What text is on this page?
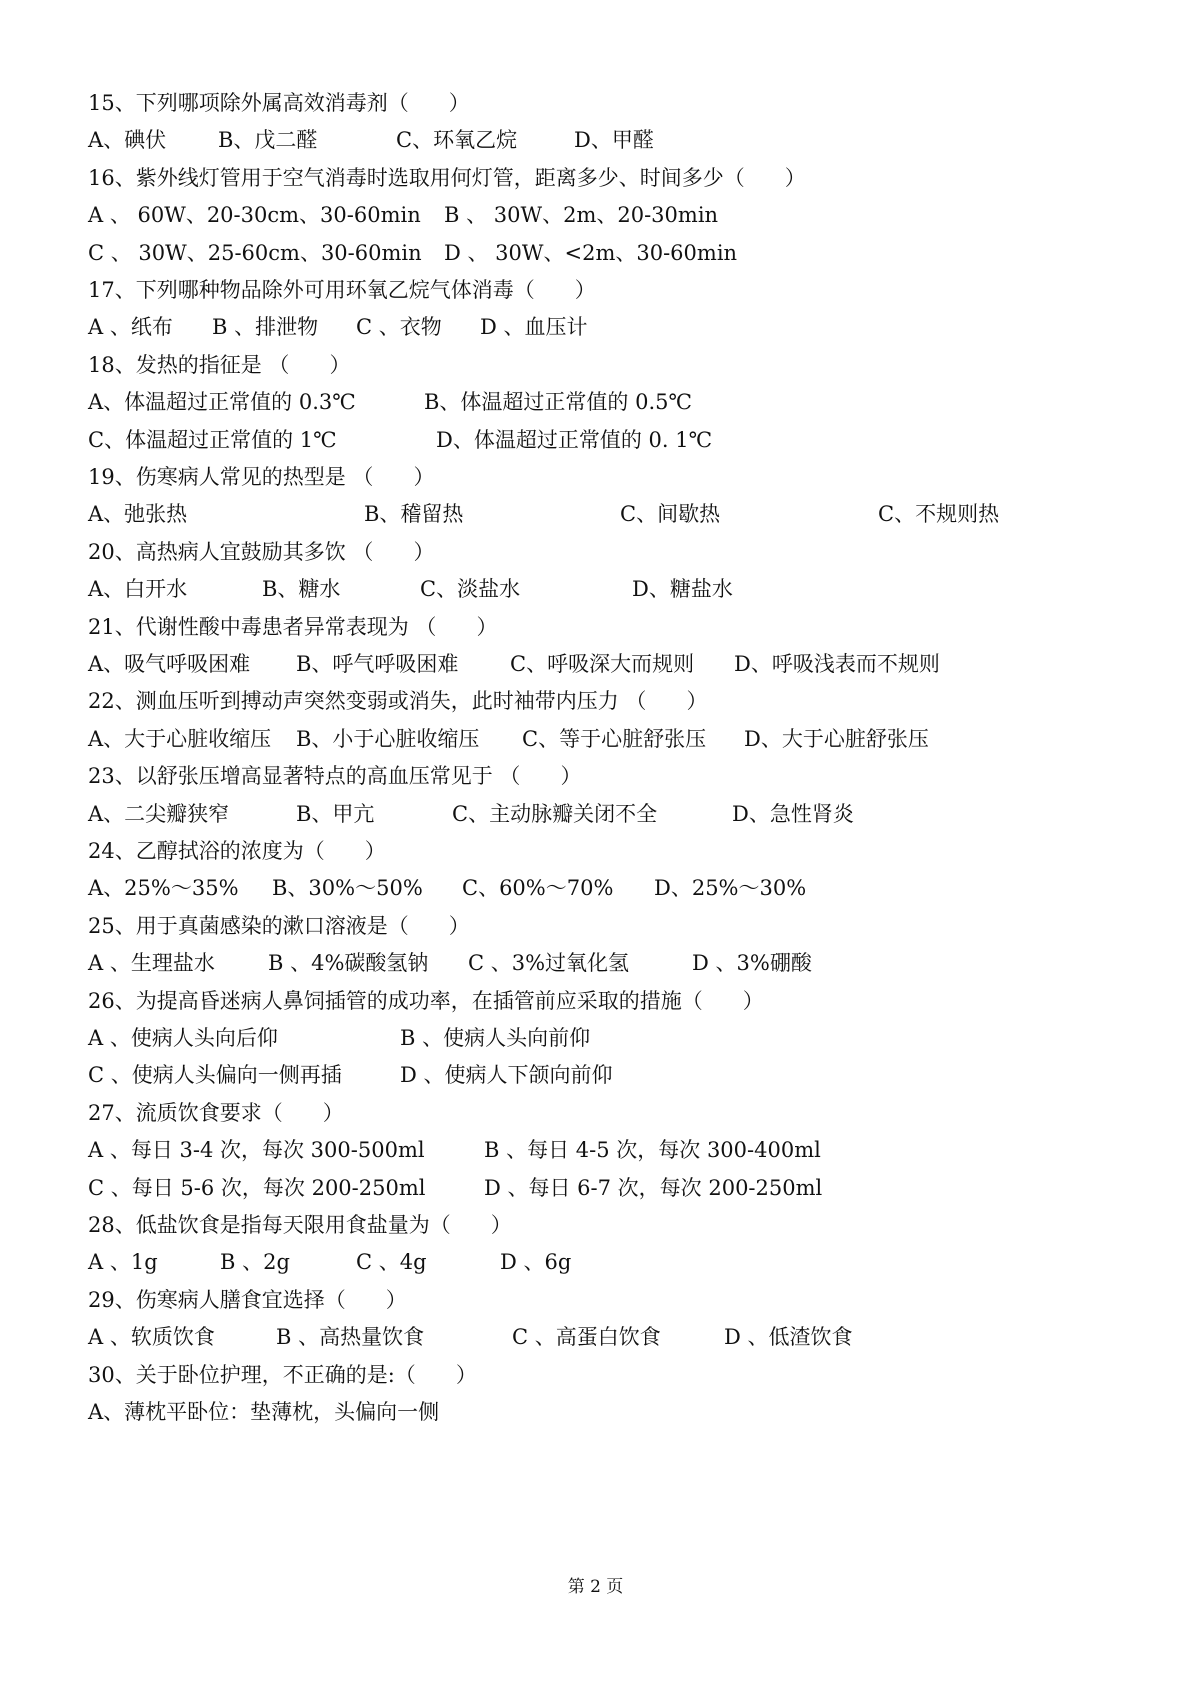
15、下列哪项除外属高效消毒剂（      ）
A、碘伏 B、戊二醛	C、环氧乙烷	D、甲醛
16、紫外线灯管用于空气消毒时选取用何灯管，距离多少、时间多少（      ）
A 、 60W、20-30cm、30-60min B 、 30W、2m、20-30min
C 、 30W、25-60cm、30-60min D 、 30W、<2m、30-60min
17、下列哪种物品除外可用环氧乙烷气体消毒（      ）
A 、纸布 B 、排泄物 C 、衣物 D 、血压计
18、发热的指征是 （      ）
A、体温超过正常值的 0.3℃	B、体温超过正常值的 0.5℃
C、体温超过正常值的 1℃	D、体温超过正常值的 0. 1℃
19、伤寒病人常见的热型是 （      ）
A、弛张热	B、稽留热	C、间歇热	C、不规则热
20、高热病人宜鼓励其多饮 （      ）
A、白开水	B、糖水	C、淡盐水	D、糖盐水
21、代谢性酸中毒患者异常表现为 （      ）
A、吸气呼吸困难 B、呼气呼吸困难 C、呼吸深大而规则 D、呼吸浅表而不规则
22、测血压听到搏动声突然变弱或消失，此时袖带内压力 （      ）
A、大于心脏收缩压 B、小于心脏收缩压 C、等于心脏舒张压 D、大于心脏舒张压
23、以舒张压增高显著特点的高血压常见于 （      ）
A、二尖瓣狭窄	B、甲亢	C、主动脉瓣关闭不全	D、急性肾炎
24、乙醇拭浴的浓度为（      ）
A、25%～35% B、30%～50% C、60%～70% D、25%～30%
25、用于真菌感染的漱口溶液是（      ）
A 、生理盐水	B 、4%碳酸氢钠 C 、3%过氧化氢	D 、3%硼酸
26、为提高昏迷病人鼻饲插管的成功率，在插管前应采取的措施（      ）
A 、使病人头向后仰	B 、使病人头向前仰
C 、使病人头偏向一侧再插	D 、使病人下颌向前仰
27、流质饮食要求（      ）
A 、每日 3-4 次，每次 300-500ml	B 、每日 4-5 次，每次 300-400ml
C 、每日 5-6 次，每次 200-250ml	D 、每日 6-7 次，每次 200-250ml
28、低盐饮食是指每天限用食盐量为（      ）
A 、1g	B 、2g	C 、4g	D 、6g
29、伤寒病人膳食宜选择（      ）
A 、软质饮食	B 、高热量饮食	C 、高蛋白饮食	D 、低渣饮食
30、关于卧位护理，不正确的是:（      ）
A、薄枕平卧位：垫薄枕，头偏向一侧
第 2 页
